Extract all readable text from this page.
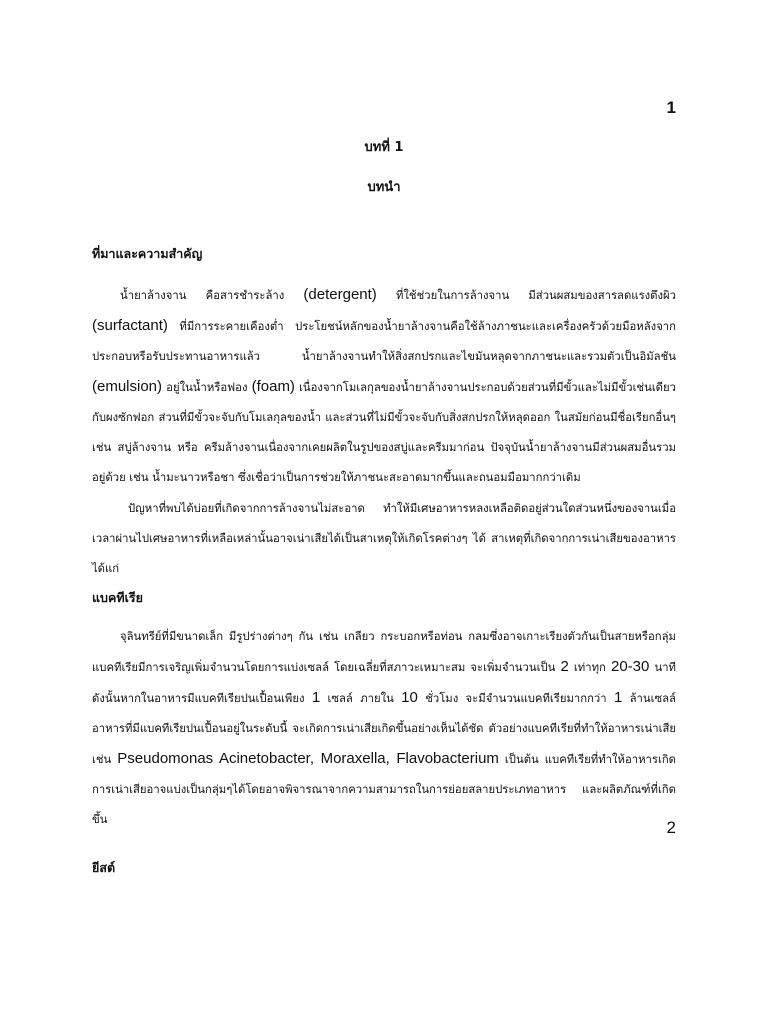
1
บทที่ 1
บทนำ
ที่มาและความสำคัญ

น้ำยาล้างจาน คือสารชำระล้าง (detergent) ที่ใช้ช่วยในการล้างจาน มีส่วนผสมของสารลดแรงตึงผิว (surfactant) ที่มีการระคายเคืองต่ำ ประโยชน์หลักของน้ำยาล้างจานคือใช้ล้างภาชนะและเครื่องครัวด้วยมือหลังจากประกอบหรือรับประทานอาหารแล้ว น้ำยาล้างจานทำให้สิ่งสกปรกและไขมันหลุดจากภาชนะและรวมตัวเป็นอิมัลชัน (emulsion) อยู่ในน้ำหรือฟอง (foam) เนื่องจากโมเลกุลของน้ำยาล้างจานประกอบด้วยส่วนที่มีขั้วและไม่มีขั้วเช่นเดียวกับผงซักฟอก ส่วนที่มีขั้วจะจับกับโมเลกุลของน้ำ และส่วนที่ไม่มีขั้วจะจับกับสิ่งสกปรกให้หลุดออก ในสมัยก่อนมีชื่อเรียกอื่นๆ เช่น สบู่ล้างจาน หรือ ครีมล้างจานเนื่องจากเคยผลิตในรูปของสบู่และครีมมาก่อน ปัจจุบันน้ำยาล้างจานมีส่วนผสมอื่นรวมอยู่ด้วย เช่น น้ำมะนาวหรือชา ซึ่งเชื่อว่าเป็นการช่วยให้ภาชนะสะอาดมากขึ้นและถนอมมือมากกว่าเดิม

ปัญหาที่พบได้บ่อยที่เกิดจากการล้างจานไม่สะอาด ทำให้มีเศษอาหารหลงเหลือติดอยู่ส่วนใดส่วนหนึ่งของจานเมื่อเวลาผ่านไปเศษอาหารที่เหลือเหล่านั้นอาจเน่าเสียได้เป็นสาเหตุให้เกิดโรคต่างๆ ได้ สาเหตุที่เกิดจากการเน่าเสียของอาหารได้แก่

แบคทีเรีย

จุลินทรีย์ที่มีขนาดเล็ก มีรูปร่างต่างๆ กัน เช่น เกลียว กระบอกหรือท่อน กลมซึ่งอาจเกาะเรียงตัวกันเป็นสายหรือกลุ่ม แบคทีเรียมีการเจริญเพิ่มจำนวนโดยการแบ่งเซลล์ โดยเฉลี่ยที่สภาวะเหมาะสม จะเพิ่มจำนวนเป็น 2 เท่าทุก 20-30 นาที ดังนั้นหากในอาหารมีแบคทีเรียปนเปื้อนเพียง 1 เซลล์ ภายใน 10 ชั่วโมง จะมีจำนวนแบคทีเรียมากกว่า 1 ล้านเซลล์ อาหารที่มีแบคทีเรียปนเปื้อนอยู่ในระดับนี้ จะเกิดการเน่าเสียเกิดขึ้นอย่างเห็นได้ชัด ตัวอย่างแบคทีเรียที่ทำให้อาหารเน่าเสีย เช่น Pseudomonas Acinetobacter, Moraxella, Flavobacterium เป็นต้น แบคทีเรียที่ทำให้อาหารเกิดการเน่าเสียอาจแบ่งเป็นกลุ่มๆได้โดยอาจพิจารณาจากความสามารถในการย่อยสลายประเภทอาหาร และผลิตภัณฑ์ที่เกิดขึ้น	2
ยีสต์
